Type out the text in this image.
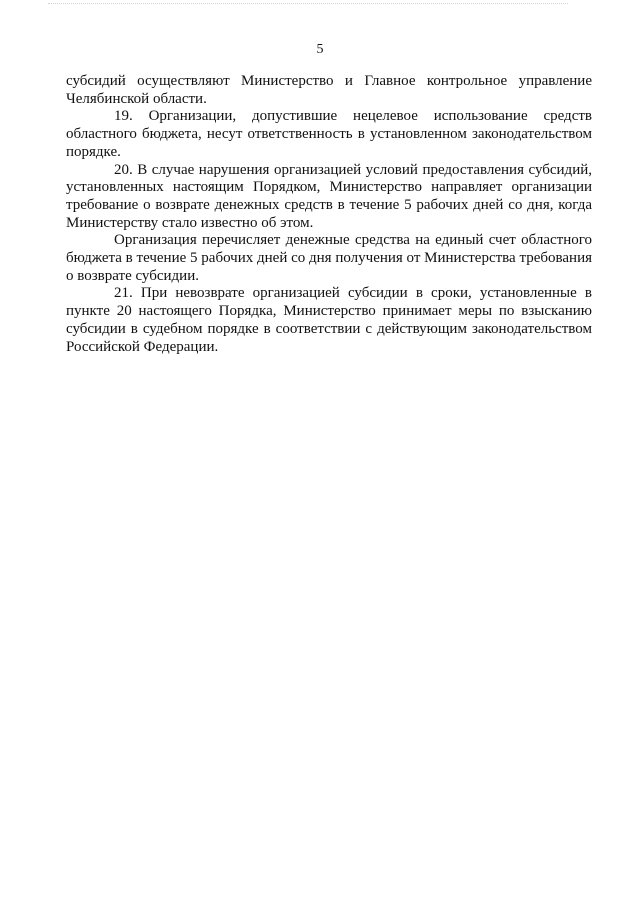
5

субсидий осуществляют Министерство и Главное контрольное управление Челябинской области.

19. Организации, допустившие нецелевое использование средств областного бюджета, несут ответственность в установленном законодательством порядке.

20. В случае нарушения организацией условий предоставления субсидий, установленных настоящим Порядком, Министерство направляет организации требование о возврате денежных средств в течение 5 рабочих дней со дня, когда Министерству стало известно об этом.

Организация перечисляет денежные средства на единый счет областного бюджета в течение 5 рабочих дней со дня получения от Министерства требования о возврате субсидии.

21. При невозврате организацией субсидии в сроки, установленные в пункте 20 настоящего Порядка, Министерство принимает меры по взысканию субсидии в судебном порядке в соответствии с действующим законодательством Российской Федерации.
